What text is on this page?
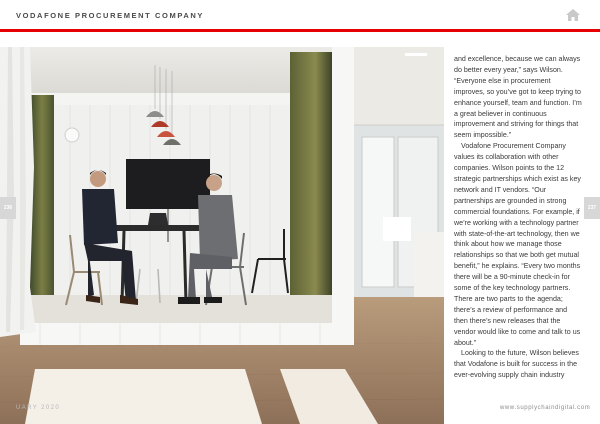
VODAFONE PROCUREMENT COMPANY
236	237

and excellence, because we can always do better every year,” says Wilson. “Everyone else in procurement improves, so you’ve got to keep trying to enhance yourself, team and function. I’m a great believer in continuous improvement and striving for things that seem impossible.”

Vodafone Procurement Company values its collaboration with other companies. Wilson points to the 12 strategic partnerships which exist as key network and IT vendors. “Our partnerships are grounded in strong commercial foundations. For example, if we’re working with a technology partner with state-of-the-art technology, then we think about how we manage those relationships so that we both get mutual benefit,” he explains. “Every two months there will be a 90-minute check-in for some of the key technology partners. There are two parts to the agenda; there’s a review of performance and then there’s new releases that the vendor would like to come and talk to us about.”

Looking to the future, Wilson believes that Vodafone is built for success in the ever-evolving supply chain industry

UARY 2020	www.supplychaindigital.com
